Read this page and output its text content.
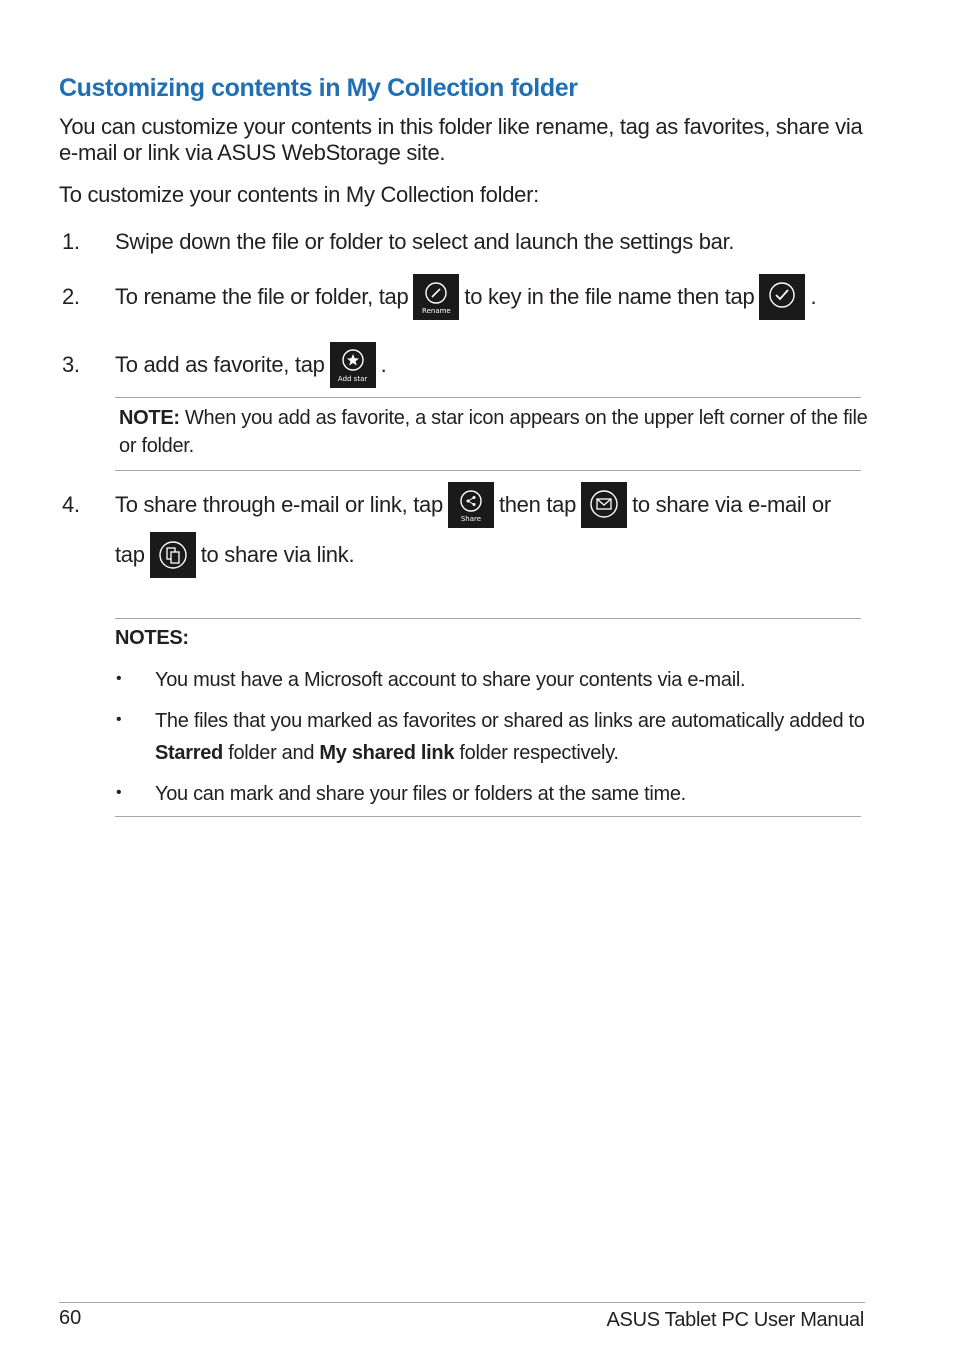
Customizing contents in My Collection folder
You can customize your contents in this folder like rename, tag as favorites, share via e-mail or link via ASUS WebStorage site.
To customize your contents in My Collection folder:
1. Swipe down the file or folder to select and launch the settings bar.
2. To rename the file or folder, tap
Rename
to key in the file name then tap	.
3. To add as favorite, tap
Add star
.
NOTE: When you add as favorite, a star icon appears on the upper left corner of the file or folder.
4. To share through e-mail or link, tap
Share
then tap	to share via e-mail or
tap	to share via link.
NOTES:
• You must have a Microsoft account to share your contents via e-mail.
• The files that you marked as favorites or shared as links are automatically added to Starred folder and My shared link folder respectively.
• You can mark and share your files or folders at the same time.
60	ASUS Tablet PC User Manual
